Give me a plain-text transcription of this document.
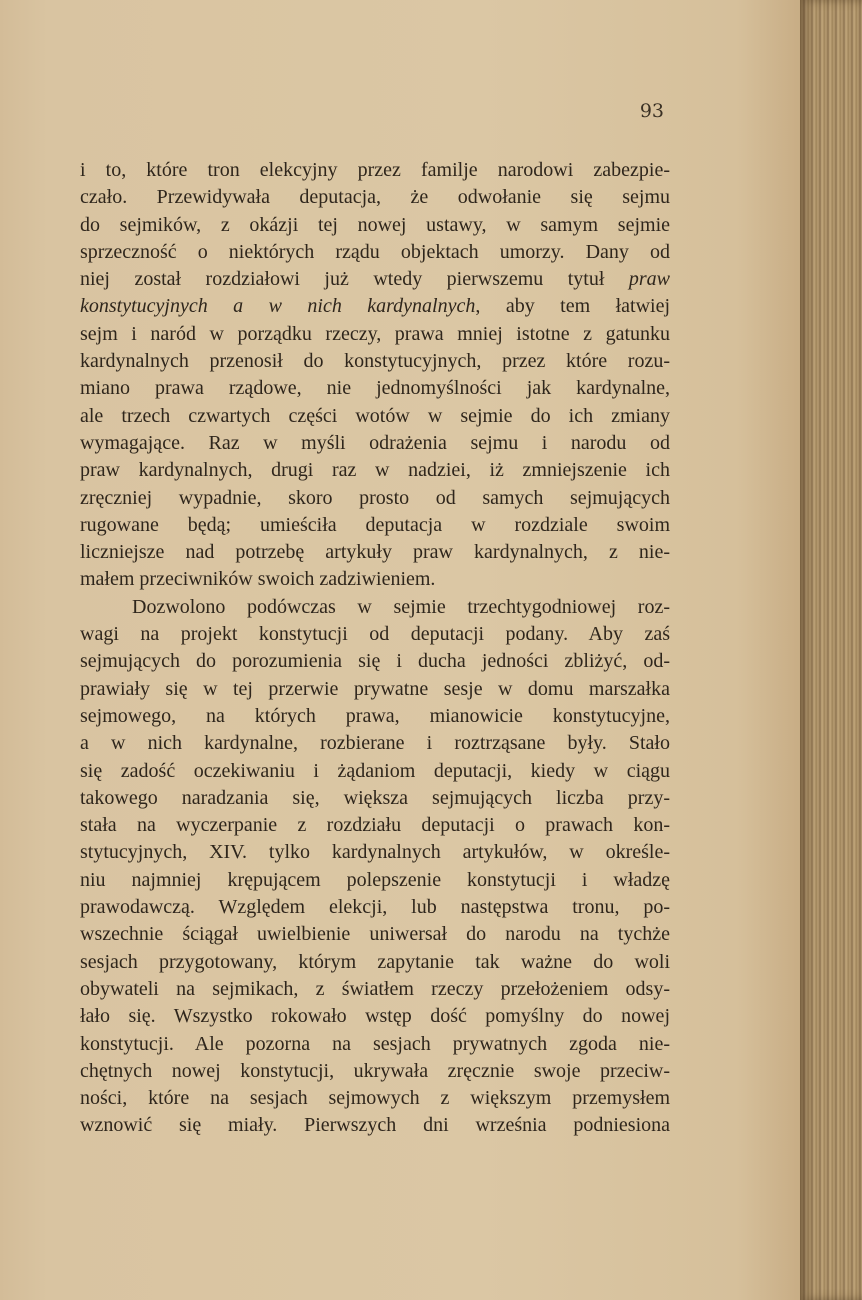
93
i to, które tron elekcyjny przez familje narodowi zabezpie-
czało. Przewidywała deputacja, że odwołanie się sejmu
do sejmików, z okázji tej nowej ustawy, w samym sejmie
sprzeczność o niektórych rządu objektach umorzy. Dany od
niej został rozdziałowi już wtedy pierwszemu tytuł praw
konstytucyjnych a w nich kardynalnych, aby tem łatwiej
sejm i naród w porządku rzeczy, prawa mniej istotne z gatunku
kardynalnych przenosił do konstytucyjnych, przez które rozu-
miano prawa rządowe, nie jednomyślności jak kardynalne,
ale trzech czwartych części wotów w sejmie do ich zmiany
wymagające. Raz w myśli odrażenia sejmu i narodu od
praw kardynalnych, drugi raz w nadziei, iż zmniejszenie ich
zręczniej wypadnie, skoro prosto od samych sejmujących
rugowane będą; umieściła deputacja w rozdziale swoim
liczniejsze nad potrzebę artykuły praw kardynalnych, z nie-
małem przeciwników swoich zadziwieniem.
Dozwolono podówczas w sejmie trzechtygodniowej roz-
wagi na projekt konstytucji od deputacji podany. Aby zaś
sejmujących do porozumienia się i ducha jedności zbliżyć, od-
prawiały się w tej przerwie prywatne sesje w domu marszałka
sejmowego, na których prawa, mianowicie konstytucyjne,
a w nich kardynalne, rozbierane i roztrząsane były. Stało
się zadość oczekiwaniu i żądaniom deputacji, kiedy w ciągu
takowego naradzania się, większa sejmujących liczba przy-
stała na wyczerpanie z rozdziału deputacji o prawach kon-
stytucyjnych, XIV. tylko kardynalnych artykułów, w określe-
niu najmniej krępującem polepszenie konstytucji i władzę
prawodawczą. Względem elekcji, lub następstwa tronu, po-
wszechnie ściągał uwielbienie uniwersał do narodu na tychże
sesjach przygotowany, którym zapytanie tak ważne do woli
obywateli na sejmikach, z światłem rzeczy przełożeniem odsy-
łało się. Wszystko rokowało wstęp dość pomyślny do nowej
konstytucji. Ale pozorna na sesjach prywatnych zgoda nie-
chętnych nowej konstytucji, ukrywała zręcznie swoje przeciw-
ności, które na sesjach sejmowych z większym przemysłem
wznowić się miały. Pierwszych dni września podniesiona
